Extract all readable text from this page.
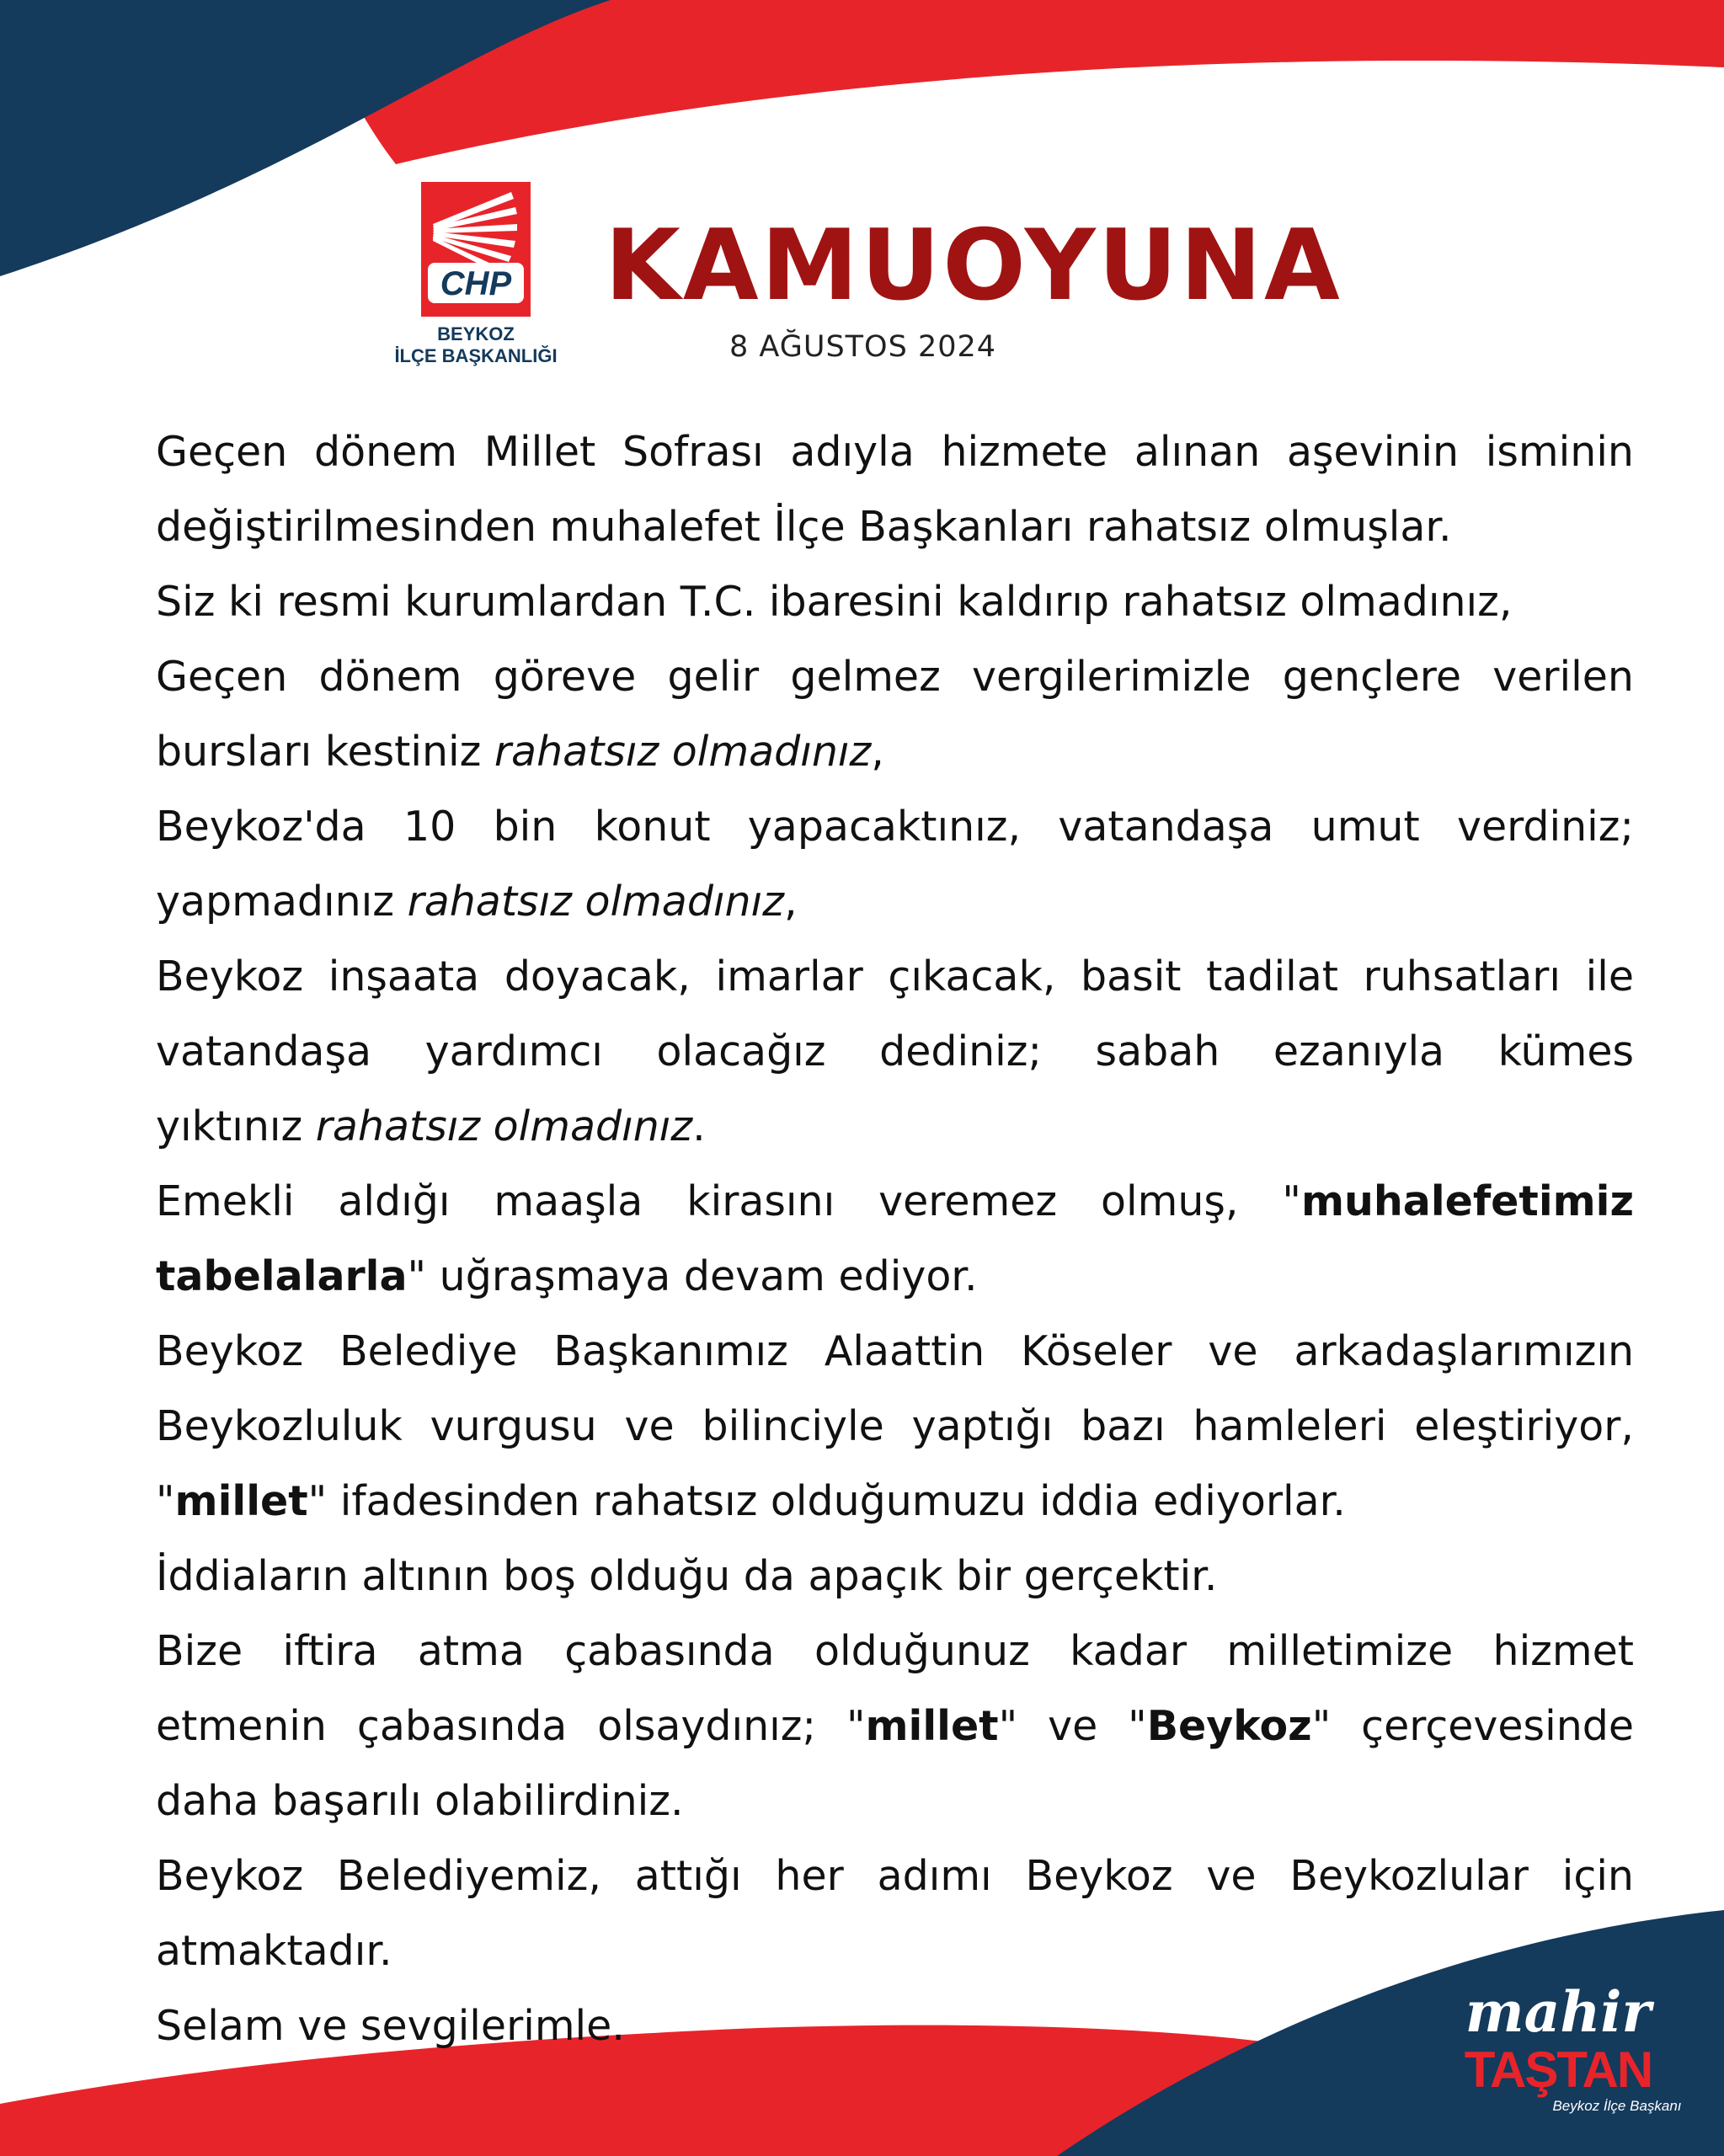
CHP
BEYKOZ
İLÇE BAŞKANLIĞI
KAMUOYUNA
8 AĞUSTOS 2024

Geçen dönem Millet Sofrası adıyla hizmete alınan aşevinin isminin
değiştirilmesinden muhalefet İlçe Başkanları rahatsız olmuşlar.

Siz ki resmi kurumlardan T.C. ibaresini kaldırıp rahatsız olmadınız,

Geçen dönem göreve gelir gelmez vergilerimizle gençlere verilen
bursları kestiniz rahatsız olmadınız,

Beykoz'da 10 bin konut yapacaktınız, vatandaşa umut verdiniz;
yapmadınız rahatsız olmadınız,

Beykoz inşaata doyacak, imarlar çıkacak, basit tadilat ruhsatları ile
vatandaşa yardımcı olacağız dediniz; sabah ezanıyla kümes
yıktınız rahatsız olmadınız.

Emekli aldığı maaşla kirasını veremez olmuş, "muhalefetimiz
tabelalarla" uğraşmaya devam ediyor.

Beykoz Belediye Başkanımız Alaattin Köseler ve arkadaşlarımızın
Beykozluluk vurgusu ve bilinciyle yaptığı bazı hamleleri eleştiriyor,
"millet" ifadesinden rahatsız olduğumuzu iddia ediyorlar.

İddiaların altının boş olduğu da apaçık bir gerçektir.

Bize iftira atma çabasında olduğunuz kadar milletimize hizmet
etmenin çabasında olsaydınız; "millet" ve "Beykoz" çerçevesinde
daha başarılı olabilirdiniz.

Beykoz Belediyemiz, attığı her adımı Beykoz ve Beykozlular için
atmaktadır.

Selam ve sevgilerimle.	mahir
TAŞTAN
Beykoz İlçe Başkanı
